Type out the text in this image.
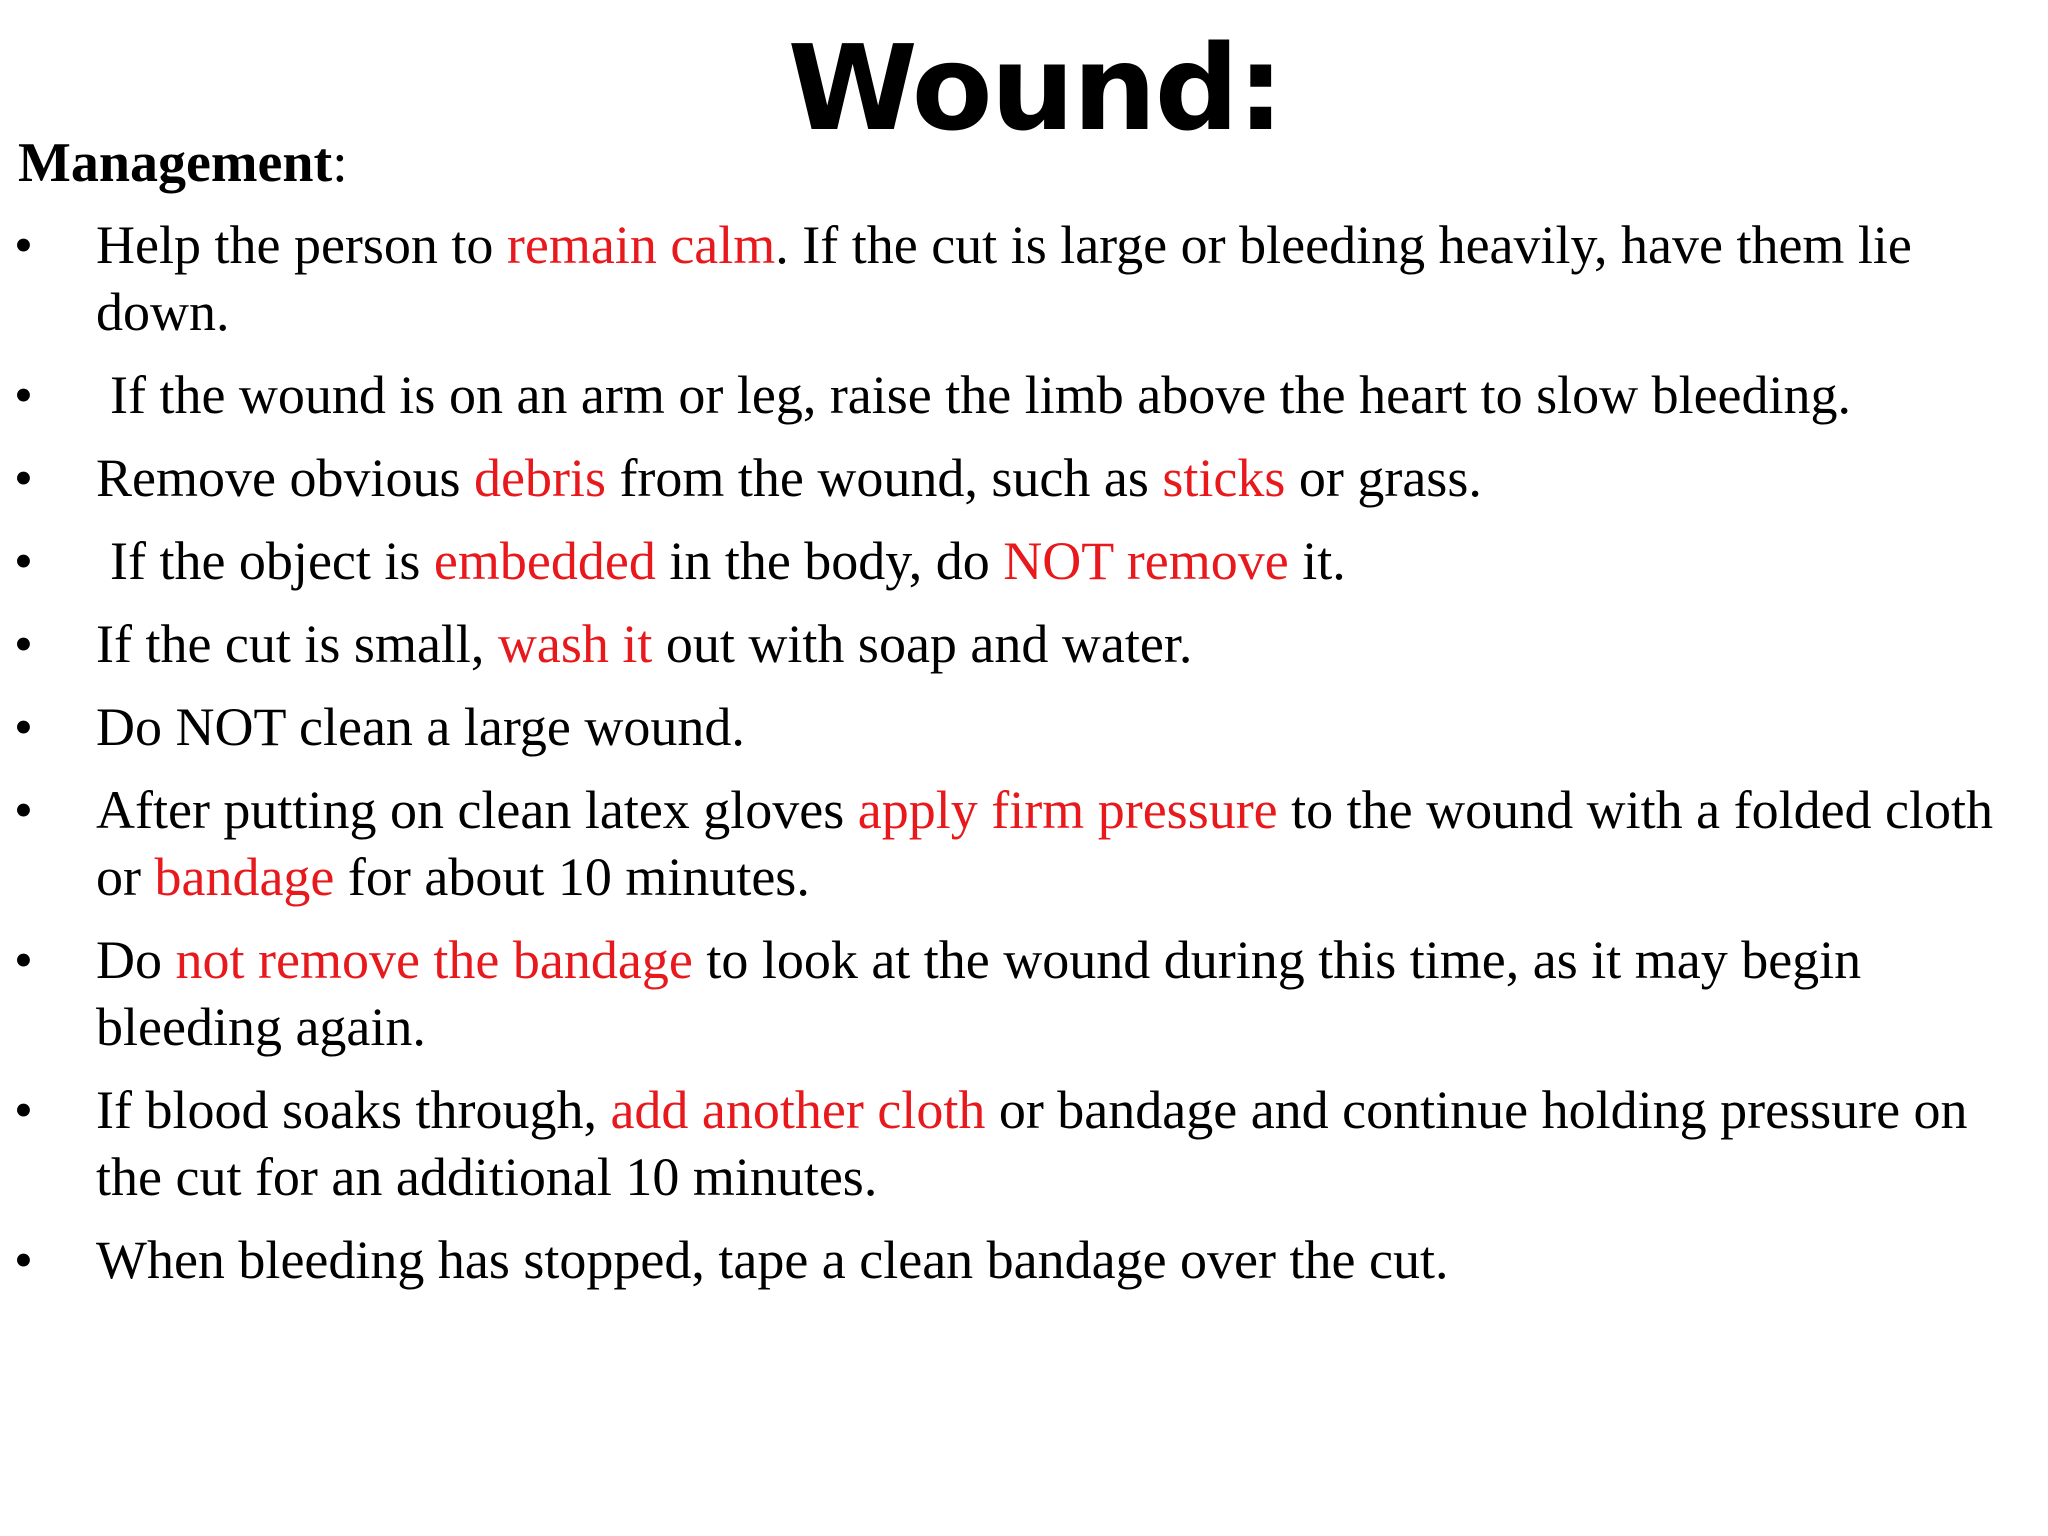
Wound:
Management:
• Help the person to remain calm. If the cut is large or bleeding heavily, have them lie down.
• If the wound is on an arm or leg, raise the limb above the heart to slow bleeding.
• Remove obvious debris from the wound, such as sticks or grass.
• If the object is embedded in the body, do NOT remove it.
• If the cut is small, wash it out with soap and water.
• Do NOT clean a large wound.
• After putting on clean latex gloves apply firm pressure to the wound with a folded cloth or bandage for about 10 minutes.
• Do not remove the bandage to look at the wound during this time, as it may begin bleeding again.
• If blood soaks through, add another cloth or bandage and continue holding pressure on the cut for an additional 10 minutes.
• When bleeding has stopped, tape a clean bandage over the cut.
